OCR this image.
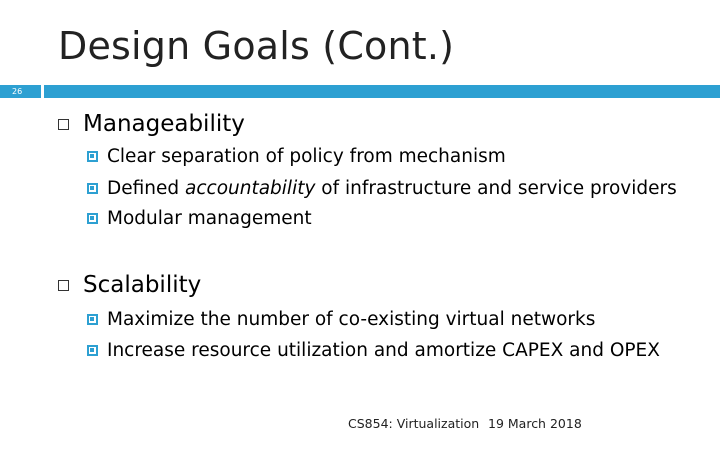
Design Goals (Cont.)
26
Manageability
Clear separation of policy from mechanism
Defined accountability of infrastructure and service providers
Modular management
Scalability
Maximize the number of co-existing virtual networks
Increase resource utilization and amortize CAPEX and OPEX
CS854: Virtualization 19 March 2018
